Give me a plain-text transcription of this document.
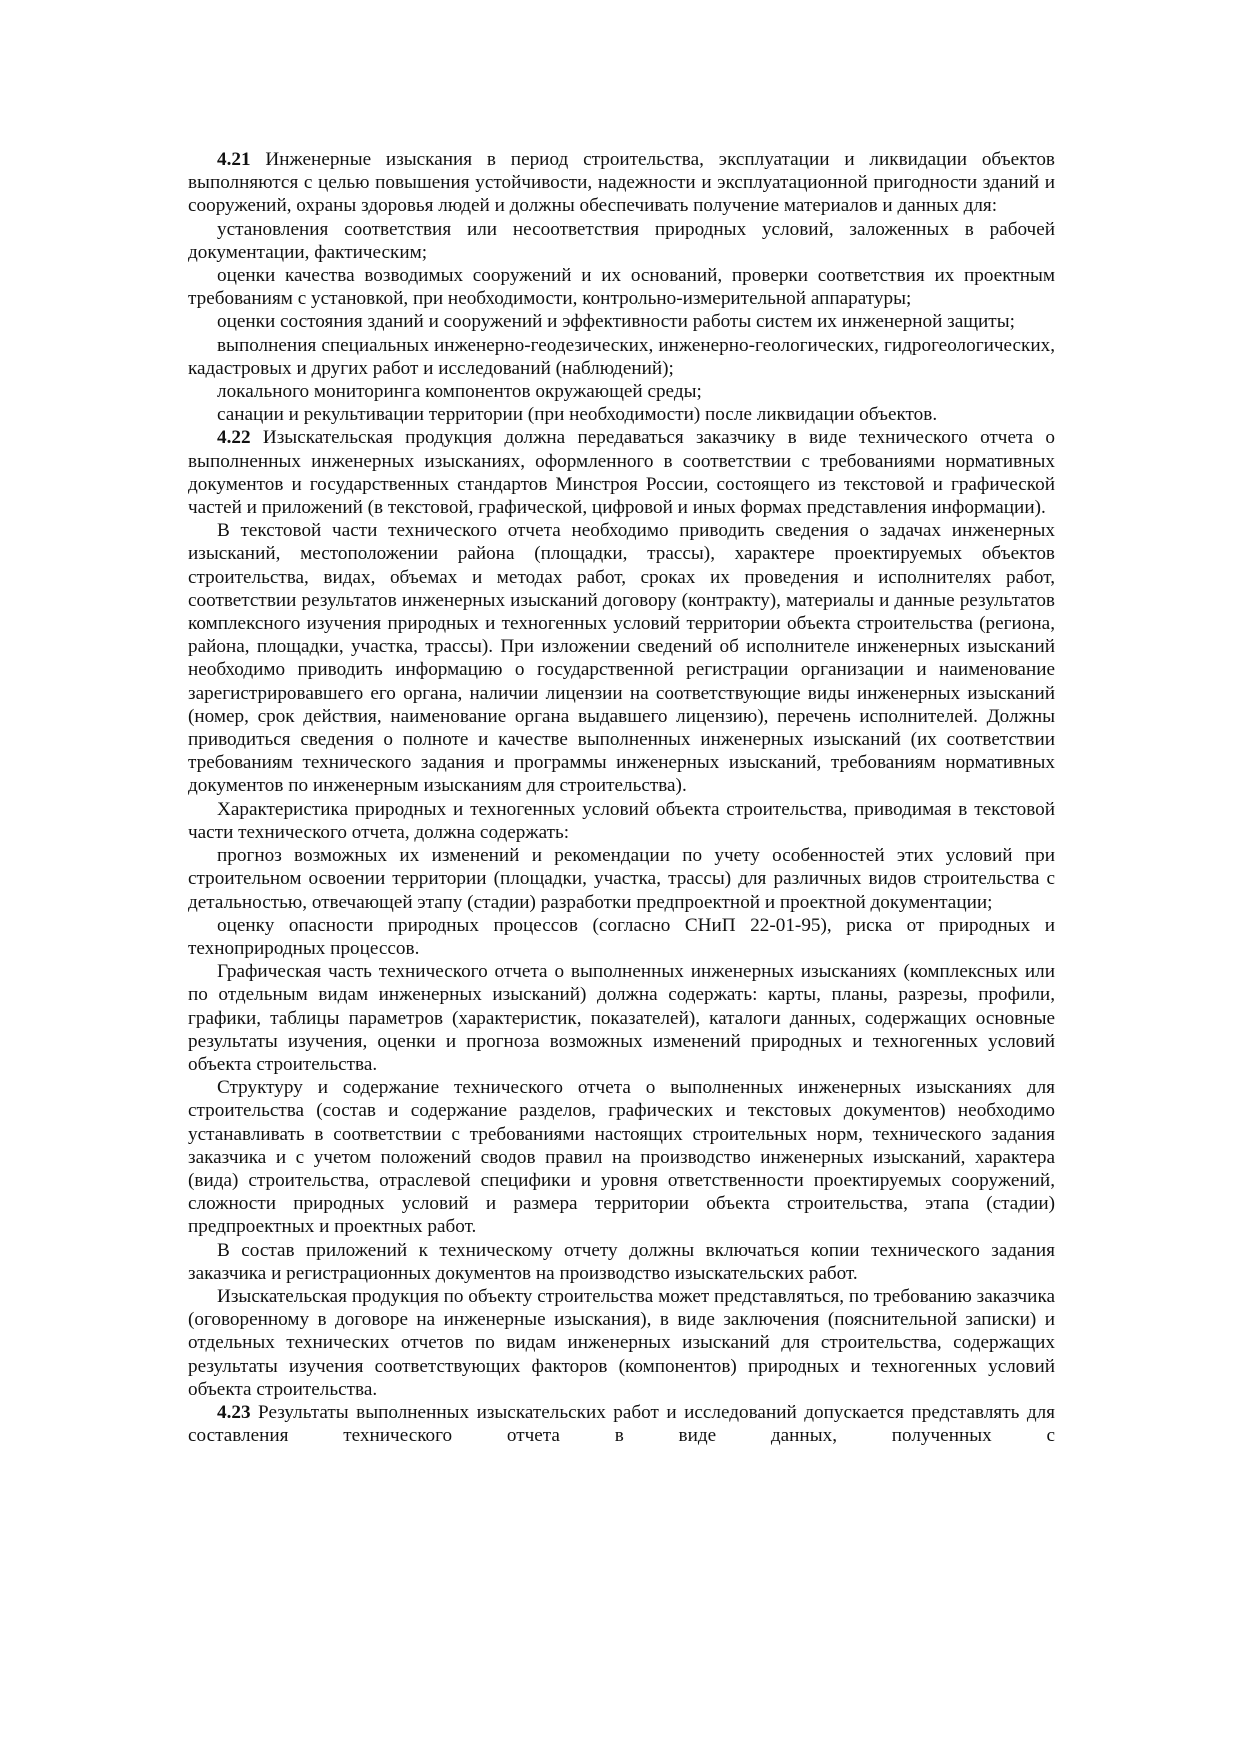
4.21 Инженерные изыскания в период строительства, эксплуатации и ликвидации объектов выполняются с целью повышения устойчивости, надежности и эксплуатационной пригодности зданий и сооружений, охраны здоровья людей и должны обеспечивать получение материалов и данных для:

установления соответствия или несоответствия природных условий, заложенных в рабочей документации, фактическим;

оценки качества возводимых сооружений и их оснований, проверки соответствия их проектным требованиям с установкой, при необходимости, контрольно-измерительной аппаратуры;

оценки состояния зданий и сооружений и эффективности работы систем их инженерной защиты;

выполнения специальных инженерно-геодезических, инженерно-геологических, гидрогеологических, кадастровых и других работ и исследований (наблюдений);

локального мониторинга компонентов окружающей среды;

санации и рекультивации территории (при необходимости) после ликвидации объектов.

4.22 Изыскательская продукция должна передаваться заказчику в виде технического отчета о выполненных инженерных изысканиях, оформленного в соответствии с требованиями нормативных документов и государственных стандартов Минстроя России, состоящего из текстовой и графической частей и приложений (в текстовой, графической, цифровой и иных формах представления информации).

В текстовой части технического отчета необходимо приводить сведения о задачах инженерных изысканий, местоположении района (площадки, трассы), характере проектируемых объектов строительства, видах, объемах и методах работ, сроках их проведения и исполнителях работ, соответствии результатов инженерных изысканий договору (контракту), материалы и данные результатов комплексного изучения природных и техногенных условий территории объекта строительства (региона, района, площадки, участка, трассы). При изложении сведений об исполнителе инженерных изысканий необходимо приводить информацию о государственной регистрации организации и наименование зарегистрировавшего его органа, наличии лицензии на соответствующие виды инженерных изысканий (номер, срок действия, наименование органа выдавшего лицензию), перечень исполнителей. Должны приводиться сведения о полноте и качестве выполненных инженерных изысканий (их соответствии требованиям технического задания и программы инженерных изысканий, требованиям нормативных документов по инженерным изысканиям для строительства).

Характеристика природных и техногенных условий объекта строительства, приводимая в текстовой части технического отчета, должна содержать:

прогноз возможных их изменений и рекомендации по учету особенностей этих условий при строительном освоении территории (площадки, участка, трассы) для различных видов строительства с детальностью, отвечающей этапу (стадии) разработки предпроектной и проектной документации;

оценку опасности природных процессов (согласно СНиП 22-01-95), риска от природных и техноприродных процессов.

Графическая часть технического отчета о выполненных инженерных изысканиях (комплексных или по отдельным видам инженерных изысканий) должна содержать: карты, планы, разрезы, профили, графики, таблицы параметров (характеристик, показателей), каталоги данных, содержащих основные результаты изучения, оценки и прогноза возможных изменений природных и техногенных условий объекта строительства.

Структуру и содержание технического отчета о выполненных инженерных изысканиях для строительства (состав и содержание разделов, графических и текстовых документов) необходимо устанавливать в соответствии с требованиями настоящих строительных норм, технического задания заказчика и с учетом положений сводов правил на производство инженерных изысканий, характера (вида) строительства, отраслевой специфики и уровня ответственности проектируемых сооружений, сложности природных условий и размера территории объекта строительства, этапа (стадии) предпроектных и проектных работ.

В состав приложений к техническому отчету должны включаться копии технического задания заказчика и регистрационных документов на производство изыскательских работ.

Изыскательская продукция по объекту строительства может представляться, по требованию заказчика (оговоренному в договоре на инженерные изыскания), в виде заключения (пояснительной записки) и отдельных технических отчетов по видам инженерных изысканий для строительства, содержащих результаты изучения соответствующих факторов (компонентов) природных и техногенных условий объекта строительства.

4.23 Результаты выполненных изыскательских работ и исследований допускается представлять для составления технического отчета в виде данных, полученных с
